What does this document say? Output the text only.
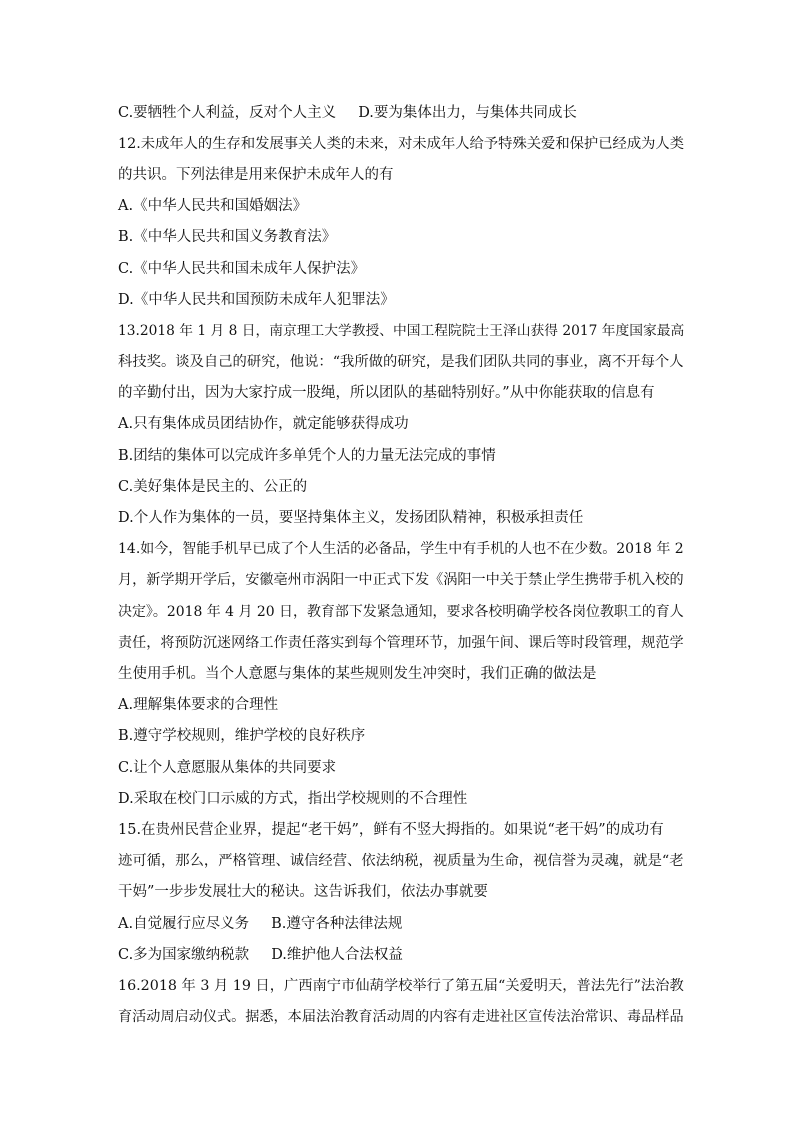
C.要牺牲个人利益，反对个人主义 D.要为集体出力，与集体共同成长
12.未成年人的生存和发展事关人类的未来，对未成年人给予特殊关爱和保护已经成为人类
的共识。下列法律是用来保护未成年人的有
A.《中华人民共和国婚姻法》
B.《中华人民共和国义务教育法》
C.《中华人民共和国未成年人保护法》
D.《中华人民共和国预防未成年人犯罪法》
13.2018 年 1 月 8 日，南京理工大学教授、中国工程院院士王泽山获得 2017 年度国家最高
科技奖。谈及自己的研究，他说：“我所做的研究，是我们团队共同的事业，离不开每个人
的辛勤付出，因为大家拧成一股绳，所以团队的基础特别好。”从中你能获取的信息有
A.只有集体成员团结协作，就定能够获得成功
B.团结的集体可以完成许多单凭个人的力量无法完成的事情
C.美好集体是民主的、公正的
D.个人作为集体的一员，要坚持集体主义，发扬团队精神，积极承担责任
14.如今，智能手机早已成了个人生活的必备品，学生中有手机的人也不在少数。2018 年 2
月，新学期开学后，安徽亳州市涡阳一中正式下发《涡阳一中关于禁止学生携带手机入校的
决定》。2018 年 4 月 20 日，教育部下发紧急通知，要求各校明确学校各岗位教职工的育人
责任，将预防沉迷网络工作责任落实到每个管理环节，加强午间、课后等时段管理，规范学
生使用手机。当个人意愿与集体的某些规则发生冲突时，我们正确的做法是
A.理解集体要求的合理性
B.遵守学校规则，维护学校的良好秩序
C.让个人意愿服从集体的共同要求
D.采取在校门口示威的方式，指出学校规则的不合理性
15.在贵州民营企业界，提起“老干妈”，鲜有不竖大拇指的。如果说“老干妈”的成功有
迹可循，那么，严格管理、诚信经营、依法纳税，视质量为生命，视信誉为灵魂，就是“老
干妈”一步步发展壮大的秘诀。这告诉我们，依法办事就要
A.自觉履行应尽义务 B.遵守各种法律法规
C.多为国家缴纳税款 D.维护他人合法权益
16.2018 年 3 月 19 日，广西南宁市仙葫学校举行了第五届“关爱明天，普法先行”法治教
育活动周启动仪式。据悉，本届法治教育活动周的内容有走进社区宣传法治常识、毒品样品
